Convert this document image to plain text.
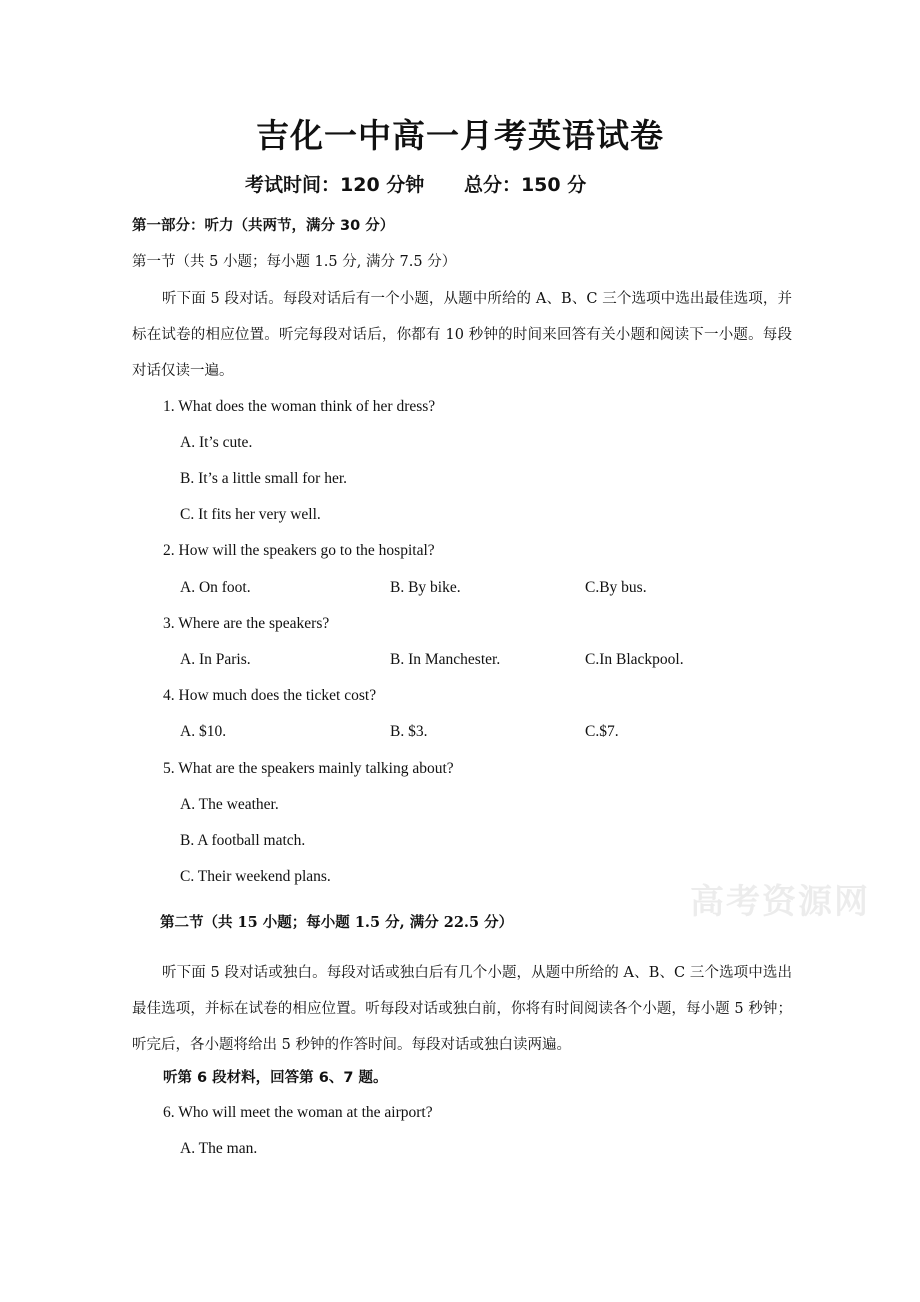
吉化一中高一月考英语试卷
考试时间：120 分钟      总分：150 分
第一部分：听力（共两节，满分 30 分）
第一节（共 5 小题；每小题 1.5 分, 满分 7.5 分）
听下面 5 段对话。每段对话后有一个小题，从题中所给的 A、B、C 三个选项中选出最佳选项，并标在试卷的相应位置。听完每段对话后，你都有 10 秒钟的时间来回答有关小题和阅读下一小题。每段对话仅读一遍。
1. What does the woman think of her dress?
A. It’s cute.
B. It’s a little small for her.
C. It fits her very well.
2. How will the speakers go to the hospital?
A. On foot.	B. By bike.	C.By bus.
3. Where are the speakers?
A. In Paris.	B. In Manchester.	C.In Blackpool.
4. How much does the ticket cost?
A. $10.	B. $3.	C.$7.
5. What are the speakers mainly talking about?
A. The weather.
B. A football match.
C. Their weekend plans.
高考资源网
第二节（共 15 小题；每小题 1.5 分, 满分 22.5 分）
听下面 5 段对话或独白。每段对话或独白后有几个小题，从题中所给的 A、B、C 三个选项中选出最佳选项，并标在试卷的相应位置。听每段对话或独白前，你将有时间阅读各个小题，每小题 5 秒钟；听完后，各小题将给出 5 秒钟的作答时间。每段对话或独白读两遍。
听第 6 段材料，回答第 6、7 题。
6. Who will meet the woman at the airport?
A. The man.
